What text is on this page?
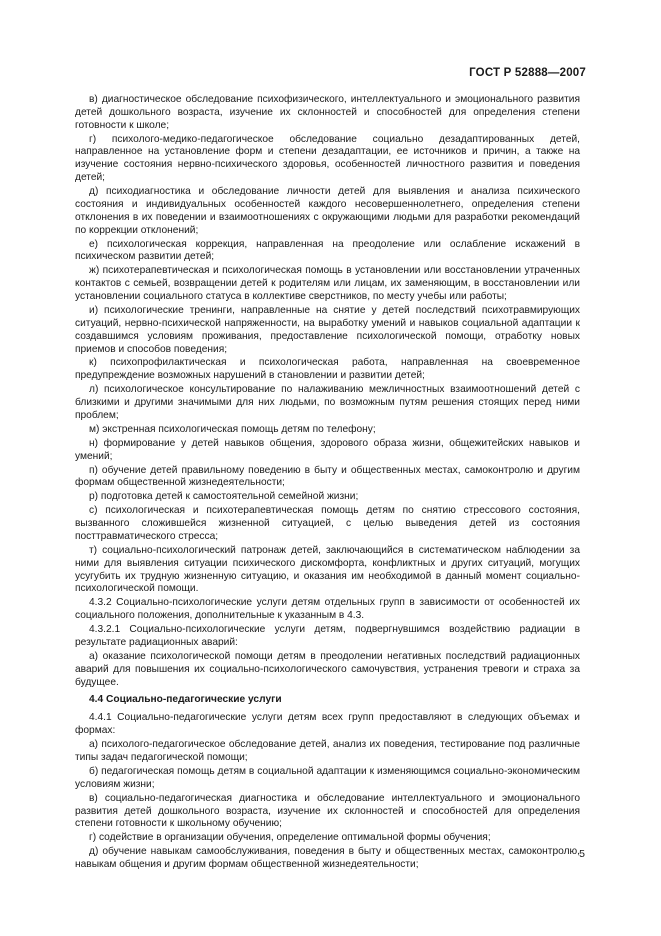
ГОСТ Р 52888—2007

в) диагностическое обследование психофизического, интеллектуального и эмоционального развития детей дошкольного возраста, изучение их склонностей и способностей для определения степени готовности к школе;

г) психолого-медико-педагогическое обследование социально дезадаптированных детей, направленное на установление форм и степени дезадаптации, ее источников и причин, а также на изучение состояния нервно-психического здоровья, особенностей личностного развития и поведения детей;

д) психодиагностика и обследование личности детей для выявления и анализа психического состояния и индивидуальных особенностей каждого несовершеннолетнего, определения степени отклонения в их поведении и взаимоотношениях с окружающими людьми для разработки рекомендаций по коррекции отклонений;

е) психологическая коррекция, направленная на преодоление или ослабление искажений в психическом развитии детей;

ж) психотерапевтическая и психологическая помощь в установлении или восстановлении утраченных контактов с семьей, возвращении детей к родителям или лицам, их заменяющим, в восстановлении или установлении социального статуса в коллективе сверстников, по месту учебы или работы;

и) психологические тренинги, направленные на снятие у детей последствий психотравмирующих ситуаций, нервно-психической напряженности, на выработку умений и навыков социальной адаптации к создавшимся условиям проживания, предоставление психологической помощи, отработку новых приемов и способов поведения;

к) психопрофилактическая и психологическая работа, направленная на своевременное предупреждение возможных нарушений в становлении и развитии детей;

л) психологическое консультирование по налаживанию межличностных взаимоотношений детей с близкими и другими значимыми для них людьми, по возможным путям решения стоящих перед ними проблем;

м) экстренная психологическая помощь детям по телефону;

н) формирование у детей навыков общения, здорового образа жизни, общежитейских навыков и умений;

п) обучение детей правильному поведению в быту и общественных местах, самоконтролю и другим формам общественной жизнедеятельности;

р) подготовка детей к самостоятельной семейной жизни;

с) психологическая и психотерапевтическая помощь детям по снятию стрессового состояния, вызванного сложившейся жизненной ситуацией, с целью выведения детей из состояния посттравматического стресса;

т) социально-психологический патронаж детей, заключающийся в систематическом наблюдении за ними для выявления ситуации психического дискомфорта, конфликтных и других ситуаций, могущих усугубить их трудную жизненную ситуацию, и оказания им необходимой в данный момент социально-психологической помощи.

4.3.2 Социально-психологические услуги детям отдельных групп в зависимости от особенностей их социального положения, дополнительные к указанным в 4.3.

4.3.2.1 Социально-психологические услуги детям, подвергнувшимся воздействию радиации в результате радиационных аварий:

а) оказание психологической помощи детям в преодолении негативных последствий радиационных аварий для повышения их социально-психологического самочувствия, устранения тревоги и страха за будущее.

4.4 Социально-педагогические услуги

4.4.1 Социально-педагогические услуги детям всех групп предоставляют в следующих объемах и формах:

а) психолого-педагогическое обследование детей, анализ их поведения, тестирование под различные типы задач педагогической помощи;

б) педагогическая помощь детям в социальной адаптации к изменяющимся социально-экономическим условиям жизни;

в) социально-педагогическая диагностика и обследование интеллектуального и эмоционального развития детей дошкольного возраста, изучение их склонностей и способностей для определения степени готовности к школьному обучению;

г) содействие в организации обучения, определение оптимальной формы обучения;

д) обучение навыкам самообслуживания, поведения в быту и общественных местах, самоконтролю, навыкам общения и другим формам общественной жизнедеятельности;

5
